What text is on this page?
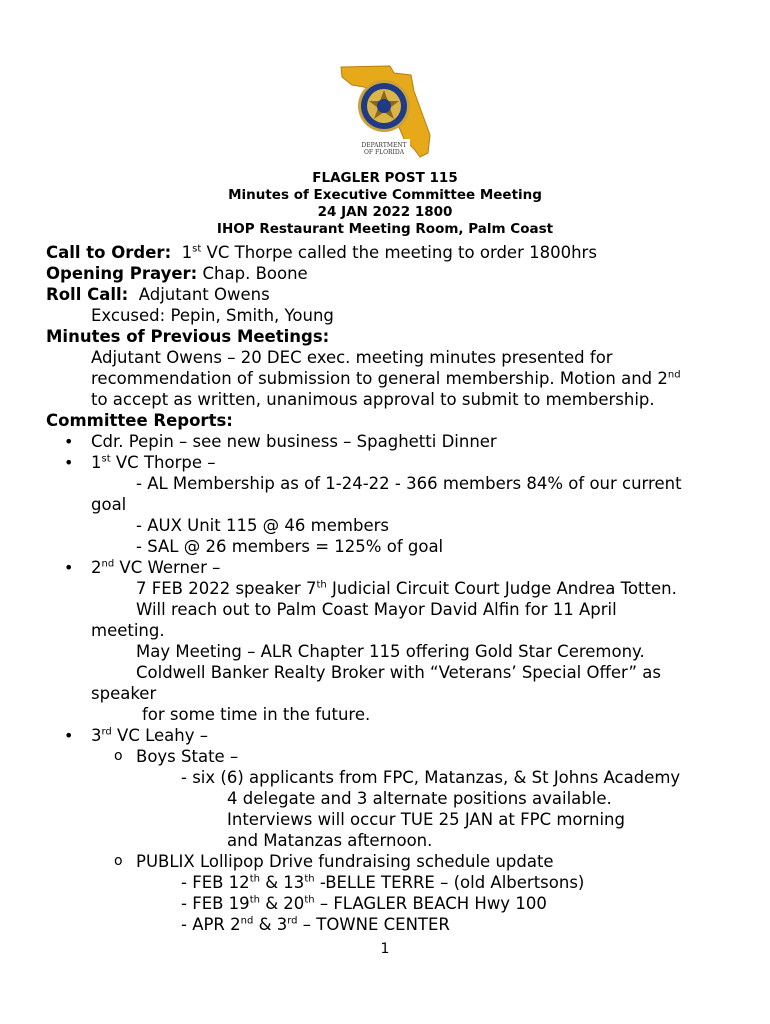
DEPARTMENT
OF FLORIDA
FLAGLER POST 115
Minutes of Executive Committee Meeting
24 JAN 2022 1800
IHOP Restaurant Meeting Room, Palm Coast
Call to Order: 1st VC Thorpe called the meeting to order 1800hrs
Opening Prayer: Chap. Boone
Roll Call:  Adjutant Owens
Excused: Pepin, Smith, Young
Minutes of Previous Meetings:
Adjutant Owens – 20 DEC exec. meeting minutes presented for
recommendation of submission to general membership. Motion and 2nd
to accept as written, unanimous approval to submit to membership.
Committee Reports:
• Cdr. Pepin – see new business – Spaghetti Dinner
• 1st VC Thorpe –
- AL Membership as of 1-24-22 - 366 members 84% of our current
goal
- AUX Unit 115 @ 46 members
- SAL @ 26 members = 125% of goal
• 2nd VC Werner –
7 FEB 2022 speaker 7th Judicial Circuit Court Judge Andrea Totten.
Will reach out to Palm Coast Mayor David Alfin for 11 April
meeting.
May Meeting – ALR Chapter 115 offering Gold Star Ceremony.
Coldwell Banker Realty Broker with “Veterans’ Special Offer” as
speaker
for some time in the future.
• 3rd VC Leahy –
o Boys State –
- six (6) applicants from FPC, Matanzas, & St Johns Academy
4 delegate and 3 alternate positions available.
Interviews will occur TUE 25 JAN at FPC morning
and Matanzas afternoon.
o PUBLIX Lollipop Drive fundraising schedule update
- FEB 12th & 13th -BELLE TERRE – (old Albertsons)
- FEB 19th & 20th – FLAGLER BEACH Hwy 100
- APR 2nd & 3rd – TOWNE CENTER
1
